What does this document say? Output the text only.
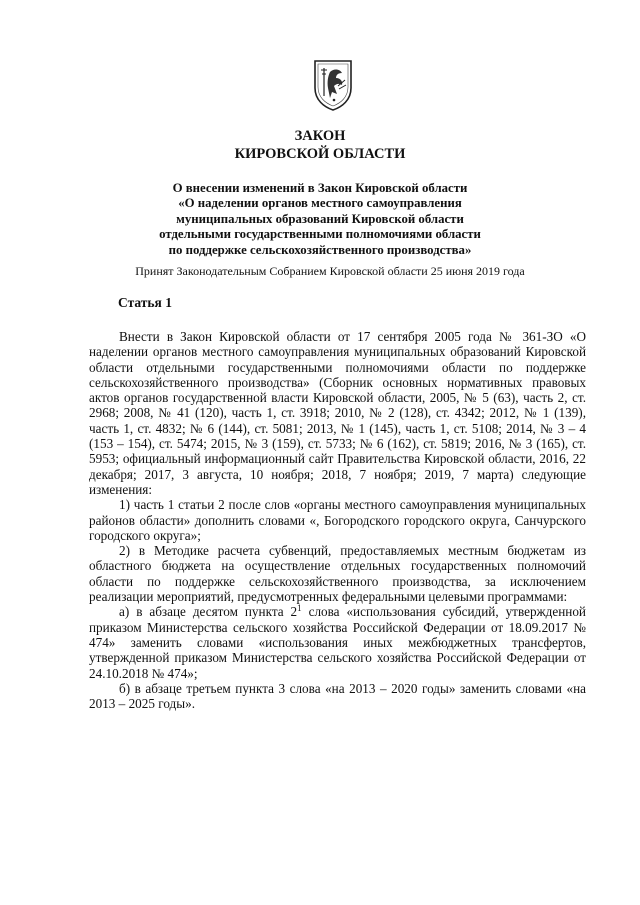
ЗАКОН

КИРОВСКОЙ ОБЛАСТИ

О внесении изменений в Закон Кировской области
«О наделении органов местного самоуправления
муниципальных образований Кировской области
отдельными государственными полномочиями области
по поддержке сельскохозяйственного производства»

Принят Законодательным Собранием Кировской области 25 июня 2019 года

Статья 1

Внести в Закон Кировской области от 17 сентября 2005 года № 361-ЗО «О наделении органов местного самоуправления муниципальных образований Кировской области отдельными государственными полномочиями области по поддержке сельскохозяйственного производства» (Сборник основных нормативных правовых актов органов государственной власти Кировской области, 2005, № 5 (63), часть 2, ст. 2968; 2008, № 41 (120), часть 1, ст. 3918; 2010, № 2 (128), ст. 4342; 2012, № 1 (139), часть 1, ст. 4832; № 6 (144), ст. 5081; 2013, № 1 (145), часть 1, ст. 5108; 2014, № 3 – 4 (153 – 154), ст. 5474; 2015, № 3 (159), ст. 5733; № 6 (162), ст. 5819; 2016, № 3 (165), ст. 5953; официальный информационный сайт Правительства Кировской области, 2016, 22 декабря; 2017, 3 августа, 10 ноября; 2018, 7 ноября; 2019, 7 марта) следующие изменения:

1) часть 1 статьи 2 после слов «органы местного самоуправления муниципальных районов области» дополнить словами «, Богородского городского округа, Санчурского городского округа»;

2) в Методике расчета субвенций, предоставляемых местным бюджетам из областного бюджета на осуществление отдельных государственных полномочий области по поддержке сельскохозяйственного производства, за исключением реализации мероприятий, предусмотренных федеральными целевыми программами:

а) в абзаце десятом пункта $2^1$ слова «использования субсидий, утвержденной приказом Министерства сельского хозяйства Российской Федерации от 18.09.2017 № 474» заменить словами «использования иных межбюджетных трансфертов, утвержденной приказом Министерства сельского хозяйства Российской Федерации от 24.10.2018 № 474»;

б) в абзаце третьем пункта 3 слова «на 2013 – 2020 годы» заменить словами «на 2013 – 2025 годы».
